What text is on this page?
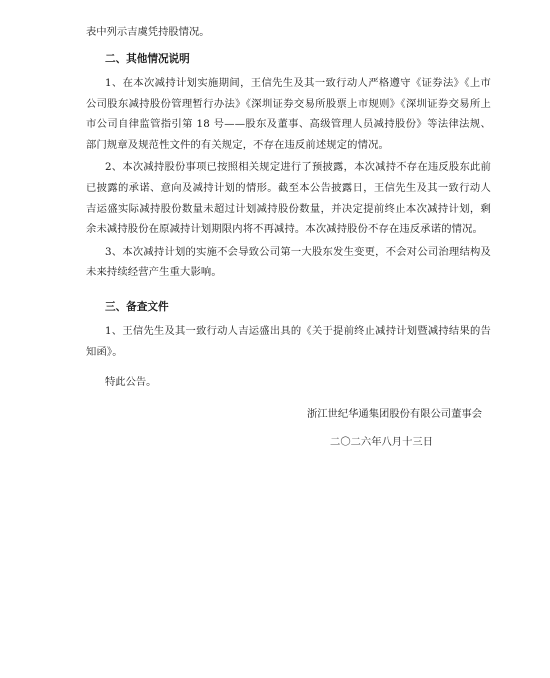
表中列示吉虞凭持股情况。

二、其他情况说明

1、在本次减持计划实施期间，王信先生及其一致行动人严格遵守《证券法》《上市公司股东减持股份管理暂行办法》《深圳证券交易所股票上市规则》《深圳证券交易所上市公司自律监管指引第 18 号——股东及董事、高级管理人员减持股份》等法律法规、部门规章及规范性文件的有关规定，不存在违反前述规定的情况。

2、本次减持股份事项已按照相关规定进行了预披露，本次减持不存在违反股东此前已披露的承诺、意向及减持计划的情形。截至本公告披露日，王信先生及其一致行动人吉运盛实际减持股份数量未超过计划减持股份数量，并决定提前终止本次减持计划，剩余未减持股份在原减持计划期限内将不再减持。本次减持股份不存在违反承诺的情况。

3、本次减持计划的实施不会导致公司第一大股东发生变更，不会对公司治理结构及未来持续经营产生重大影响。

三、备查文件

1、王信先生及其一致行动人吉运盛出具的《关于提前终止减持计划暨减持结果的告知函》。

特此公告。

浙江世纪华通集团股份有限公司董事会

二〇二六年八月十三日
